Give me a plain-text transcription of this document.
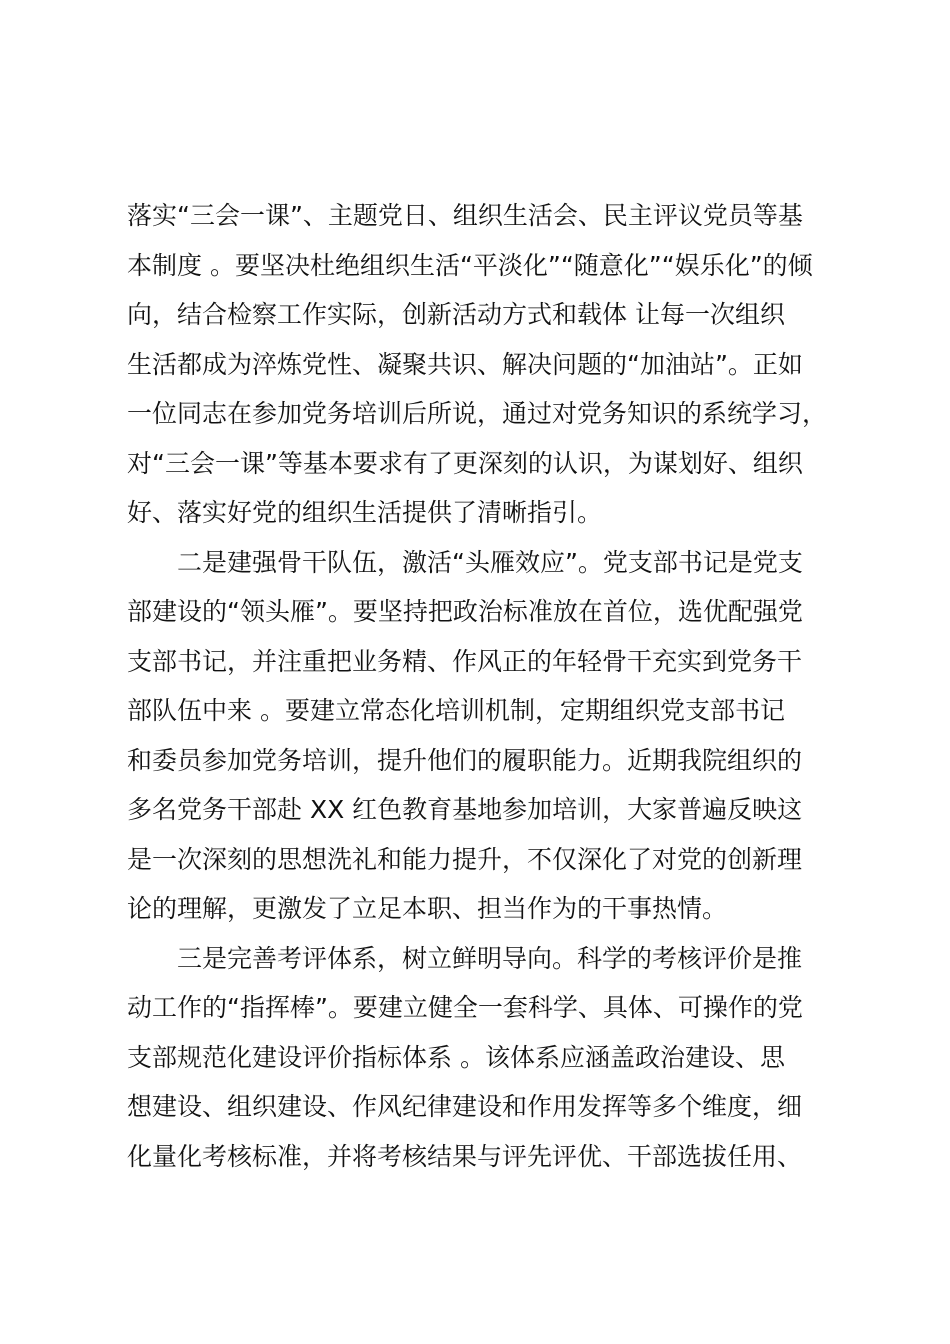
落实“三会一课”、主题党日、组织生活会、民主评议党员等基
本制度 。要坚决杜绝组织生活“平淡化”“随意化”“娱乐化”的倾
向，结合检察工作实际，创新活动方式和载体 让每一次组织
生活都成为淬炼党性、凝聚共识、解决问题的“加油站”。正如
一位同志在参加党务培训后所说，通过对党务知识的系统学习，
对“三会一课”等基本要求有了更深刻的认识，为谋划好、组织
好、落实好党的组织生活提供了清晰指引。
二是建强骨干队伍，激活“头雁效应”。党支部书记是党支
部建设的“领头雁”。要坚持把政治标准放在首位，选优配强党
支部书记，并注重把业务精、作风正的年轻骨干充实到党务干
部队伍中来 。要建立常态化培训机制，定期组织党支部书记
和委员参加党务培训，提升他们的履职能力。近期我院组织的
多名党务干部赴 XX 红色教育基地参加培训，大家普遍反映这
是一次深刻的思想洗礼和能力提升，不仅深化了对党的创新理
论的理解，更激发了立足本职、担当作为的干事热情。
三是完善考评体系，树立鲜明导向。科学的考核评价是推
动工作的“指挥棒”。要建立健全一套科学、具体、可操作的党
支部规范化建设评价指标体系 。该体系应涵盖政治建设、思
想建设、组织建设、作风纪律建设和作用发挥等多个维度，细
化量化考核标准，并将考核结果与评先评优、干部选拔任用、
